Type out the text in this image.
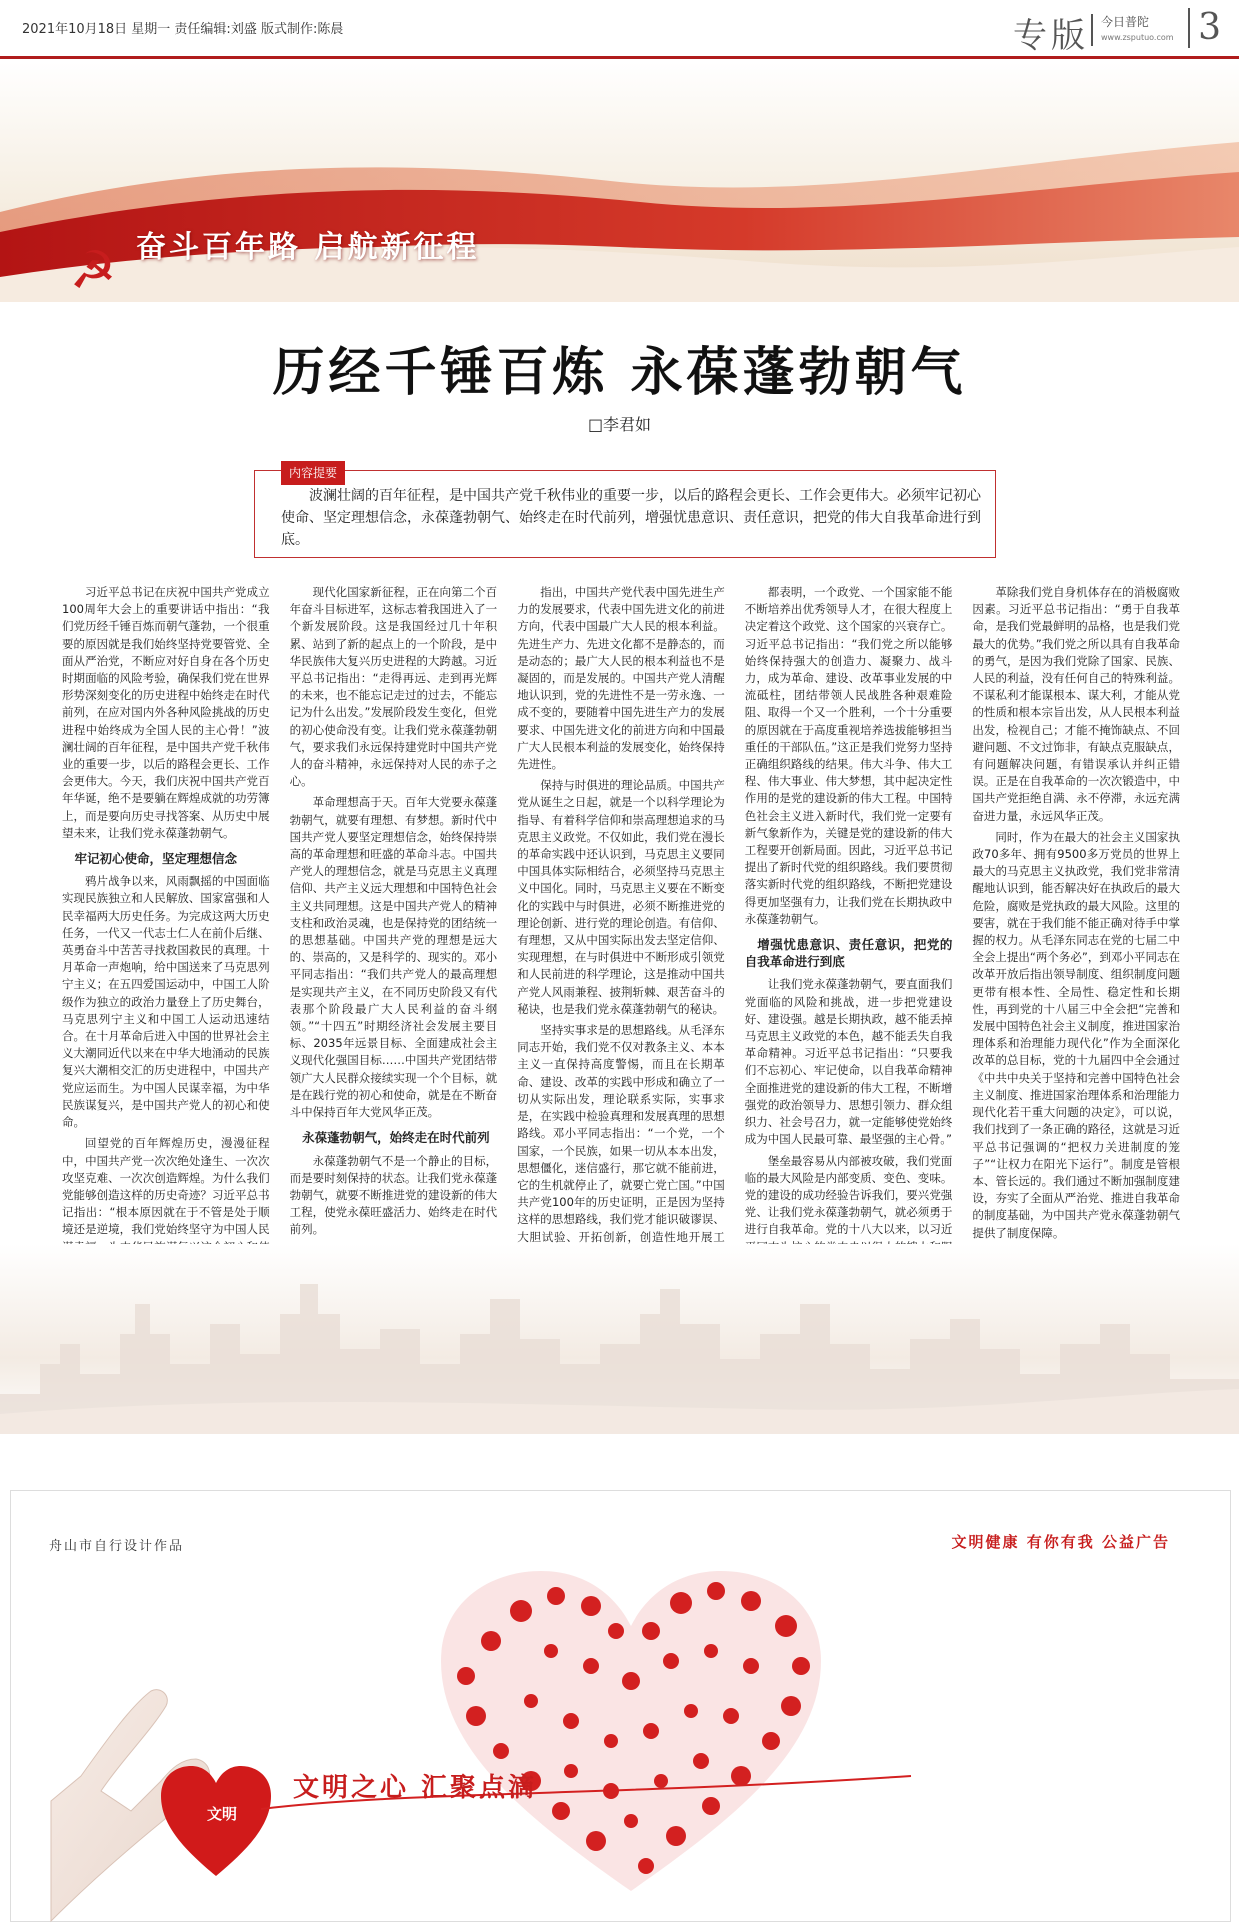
2021年10月18日 星期一 责任编辑:刘盛 版式制作:陈晨	专版 今日普陀
www.zsputuo.com 3
☭ 奋斗百年路 启航新征程
历经千锤百炼 永葆蓬勃朝气
□李君如
内容提要
波澜壮阔的百年征程，是中国共产党千秋伟业的重要一步，以后的路程会更长、工作会更伟大。必须牢记初心使命、坚定理想信念，永葆蓬勃朝气、始终走在时代前列，增强忧患意识、责任意识，把党的伟大自我革命进行到底。

习近平总书记在庆祝中国共产党成立100周年大会上的重要讲话中指出：“我们党历经千锤百炼而朝气蓬勃，一个很重要的原因就是我们始终坚持党要管党、全面从严治党，不断应对好自身在各个历史时期面临的风险考验，确保我们党在世界形势深刻变化的历史进程中始终走在时代前列，在应对国内外各种风险挑战的历史进程中始终成为全国人民的主心骨！”波澜壮阔的百年征程，是中国共产党千秋伟业的重要一步，以后的路程会更长、工作会更伟大。今天，我们庆祝中国共产党百年华诞，绝不是要躺在辉煌成就的功劳簿上，而是要向历史寻找答案、从历史中展望未来，让我们党永葆蓬勃朝气。

牢记初心使命，坚定理想信念

鸦片战争以来，风雨飘摇的中国面临实现民族独立和人民解放、国家富强和人民幸福两大历史任务。为完成这两大历史任务，一代又一代志士仁人在前仆后继、英勇奋斗中苦苦寻找救国救民的真理。十月革命一声炮响，给中国送来了马克思列宁主义；在五四爱国运动中，中国工人阶级作为独立的政治力量登上了历史舞台，马克思列宁主义和中国工人运动迅速结合。在十月革命后进入中国的世界社会主义大潮同近代以来在中华大地涌动的民族复兴大潮相交汇的历史进程中，中国共产党应运而生。为中国人民谋幸福，为中华民族谋复兴，是中国共产党人的初心和使命。

回望党的百年辉煌历史，漫漫征程中，中国共产党一次次绝处逢生、一次次攻坚克难、一次次创造辉煌。为什么我们党能够创造这样的历史奇迹？习近平总书记指出：“根本原因就在于不管是处于顺境还是逆境，我们党始终坚守为中国人民

现代化国家新征程，正在向第二个百年奋斗目标进军，这标志着我国进入了一个新发展阶段。这是我国经过几十年积累、站到了新的起点上的一个阶段，是中华民族伟大复兴历史进程的大跨越。习近平总书记指出：“走得再远、走到再光辉的未来，也不能忘记走过的过去，不能忘记为什么出发。”发展阶段发生变化，但党的初心使命没有变。让我们党永葆蓬勃朝气，要求我们永远保持建党时中国共产党人的奋斗精神，永远保持对人民的赤子之心。

革命理想高于天。百年大党要永葆蓬勃朝气，就要有理想、有梦想。新时代中国共产党人要坚定理想信念，始终保持崇高的革命理想和旺盛的革命斗志。中国共产党人的理想信念，就是马克思主义真理信仰、共产主义远大理想和中国特色社会主义共同理想。这是中国共产党人的精神支柱和政治灵魂，也是保持党的团结统一的思想基础。中国共产党的理想是远大的、崇高的，又是科学的、现实的。邓小平同志指出：“我们共产党人的最高理想是实现共产主义，在不同历史阶段又有代表那个阶段最广大人民利益的奋斗纲领。”“十四五”时期经济社会发展主要目标、2035年远景目标、全面建成社会主义现代化强国目标……中国共产党团结带领广大人民群众接续实现一个个目标，就是在践行党的初心和使命，就是在不断奋斗中保持百年大党风华正茂。

永葆蓬勃朝气，始终走在时代前列

永葆蓬勃朝气不是一个静止的目标，而是要时刻保持的状态。让我们党永葆蓬勃朝气，就要不断推进党的建设新的伟大工程，使党永葆旺盛活力、始终走在时代前列。

指出，中国共产党代表中国先进生产力的发展要求，代表中国先进文化的前进方向，代表中国最广大人民的根本利益。先进生产力、先进文化都不是静态的，而是动态的；最广大人民的根本利益也不是凝固的，而是发展的。中国共产党人清醒地认识到，党的先进性不是一劳永逸、一成不变的，要随着中国先进生产力的发展要求、中国先进文化的前进方向和中国最广大人民根本利益的发展变化，始终保持先进性。

保持与时俱进的理论品质。中国共产党从诞生之日起，就是一个以科学理论为指导、有着科学信仰和崇高理想追求的马克思主义政党。不仅如此，我们党在漫长的革命实践中还认识到，马克思主义要同中国具体实际相结合，必须坚持马克思主义中国化。同时，马克思主义要在不断变化的实践中与时俱进，必须不断推进党的理论创新、进行党的理论创造。有信仰、有理想，又从中国实际出发去坚定信仰、实现理想，在与时俱进中不断形成引领党和人民前进的科学理论，这是推动中国共产党人风雨兼程、披荆斩棘、艰苦奋斗的秘诀，也是我们党永葆蓬勃朝气的秘诀。

坚持实事求是的思想路线。从毛泽东同志开始，我们党不仅对教条主义、本本主义一直保持高度警惕，而且在长期革命、建设、改革的实践中形成和确立了一切从实际出发，理论联系实际，实事求是，在实践中检验真理和发展真理的思想路线。邓小平同志指出：“一个党，一个国家，一个民族，如果一切从本本出发，思想僵化，迷信盛行，那它就不能前进，它的生机就停止了，就要亡党亡国。”中国共产党100年的历史证明，正是因为坚持这样的思想路线，我们党才能识破谬误、大胆试验、开拓创新，创造性地开展工

都表明，一个政党、一个国家能不能不断培养出优秀领导人才，在很大程度上决定着这个政党、这个国家的兴衰存亡。习近平总书记指出：“我们党之所以能够始终保持强大的创造力、凝聚力、战斗力，成为革命、建设、改革事业发展的中流砥柱，团结带领人民战胜各种艰难险阻、取得一个又一个胜利，一个十分重要的原因就在于高度重视培养选拔能够担当重任的干部队伍。”这正是我们党努力坚持正确组织路线的结果。伟大斗争、伟大工程、伟大事业、伟大梦想，其中起决定性作用的是党的建设新的伟大工程。中国特色社会主义进入新时代，我们党一定要有新气象新作为，关键是党的建设新的伟大工程要开创新局面。因此，习近平总书记提出了新时代党的组织路线。我们要贯彻落实新时代党的组织路线，不断把党建设得更加坚强有力，让我们党在长期执政中永葆蓬勃朝气。

增强忧患意识、责任意识，把党的自我革命进行到底

让我们党永葆蓬勃朝气，要直面我们党面临的风险和挑战，进一步把党建设好、建设强。越是长期执政，越不能丢掉马克思主义政党的本色，越不能丢失自我革命精神。习近平总书记指出：“只要我们不忘初心、牢记使命，以自我革命精神全面推进党的建设新的伟大工程，不断增强党的政治领导力、思想引领力、群众组织力、社会号召力，就一定能够使党始终成为中国人民最可靠、最坚强的主心骨。”

堡垒最容易从内部被攻破，我们党面临的最大风险是内部变质、变色、变味。党的建设的成功经验告诉我们，要兴党强党、让我们党永葆蓬勃朝气，就必须勇于进行自我革命。党的十八大以来，以习近

革除我们党自身机体存在的消极腐败因素。习近平总书记指出：“勇于自我革命，是我们党最鲜明的品格，也是我们党最大的优势。”我们党之所以具有自我革命的勇气，是因为我们党除了国家、民族、人民的利益，没有任何自己的特殊利益。不谋私利才能谋根本、谋大利，才能从党的性质和根本宗旨出发，从人民根本利益出发，检视自己；才能不掩饰缺点、不回避问题、不文过饰非，有缺点克服缺点，有问题解决问题，有错误承认并纠正错误。正是在自我革命的一次次锻造中，中国共产党拒绝自满、永不停滞，永远充满奋进力量，永远风华正茂。

同时，作为在最大的社会主义国家执政70多年、拥有9500多万党员的世界上最大的马克思主义执政党，我们党非常清醒地认识到，能否解决好在执政后的最大危险，腐败是党执政的最大风险。这里的要害，就在于我们能不能正确对待手中掌握的权力。从毛泽东同志在党的七届二中全会上提出“两个务必”，到邓小平同志在改革开放后指出领导制度、组织制度问题更带有根本性、全局性、稳定性和长期性，再到党的十八届三中全会把“完善和发展中国特色社会主义制度，推进国家治理体系和治理能力现代化”作为全面深化改革的总目标，党的十九届四中全会通过《中共中央关于坚持和完善中国特色社会主义制度、推进国家治理体系和治理能力现代化若干重大问题的决定》，可以说，我们找到了一条正确的路径，这就是习近平总书记强调的“把权力关进制度的笼子”“让权力在阳光下运行”。制度是管根本、管长远的。我们通过不断加强制度建设，夯实了全面从严治党、推进自我革命的制度基础，为中国共产党永葆蓬勃朝气提供了制度保障。

舟山市自行设计作品	文明健康 有你有我 公益广告
文明之心 汇聚点滴
文明
